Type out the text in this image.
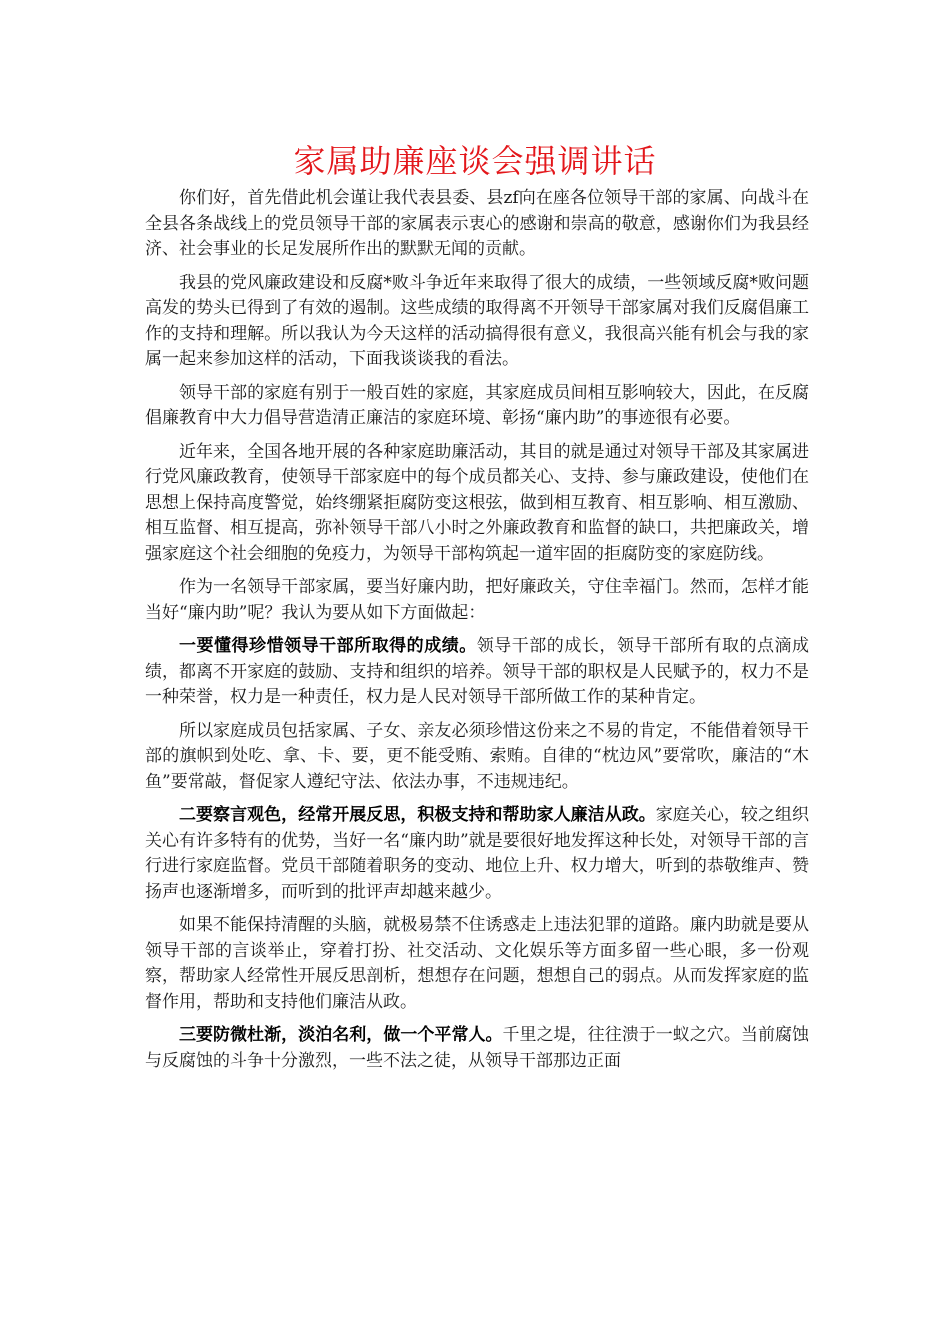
家属助廉座谈会强调讲话

你们好，首先借此机会谨让我代表县委、县zf向在座各位领导干部的家属、向战斗在全县各条战线上的党员领导干部的家属表示衷心的感谢和崇高的敬意，感谢你们为我县经济、社会事业的长足发展所作出的默默无闻的贡献。

我县的党风廉政建设和反腐*败斗争近年来取得了很大的成绩，一些领域反腐*败问题高发的势头已得到了有效的遏制。这些成绩的取得离不开领导干部家属对我们反腐倡廉工作的支持和理解。所以我认为今天这样的活动搞得很有意义，我很高兴能有机会与我的家属一起来参加这样的活动，下面我谈谈我的看法。

领导干部的家庭有别于一般百姓的家庭，其家庭成员间相互影响较大，因此，在反腐倡廉教育中大力倡导营造清正廉洁的家庭环境、彰扬“廉内助”的事迹很有必要。

近年来，全国各地开展的各种家庭助廉活动，其目的就是通过对领导干部及其家属进行党风廉政教育，使领导干部家庭中的每个成员都关心、支持、参与廉政建设，使他们在思想上保持高度警觉，始终绷紧拒腐防变这根弦，做到相互教育、相互影响、相互激励、相互监督、相互提高，弥补领导干部八小时之外廉政教育和监督的缺口，共把廉政关，增强家庭这个社会细胞的免疫力，为领导干部构筑起一道牢固的拒腐防变的家庭防线。

作为一名领导干部家属，要当好廉内助，把好廉政关，守住幸福门。然而，怎样才能当好“廉内助”呢？我认为要从如下方面做起：

一要懂得珍惜领导干部所取得的成绩。领导干部的成长，领导干部所有取的点滴成绩，都离不开家庭的鼓励、支持和组织的培养。领导干部的职权是人民赋予的，权力不是一种荣誉，权力是一种责任，权力是人民对领导干部所做工作的某种肯定。

所以家庭成员包括家属、子女、亲友必须珍惜这份来之不易的肯定，不能借着领导干部的旗帜到处吃、拿、卡、要，更不能受贿、索贿。自律的“枕边风”要常吹，廉洁的“木鱼”要常敲，督促家人遵纪守法、依法办事，不违规违纪。

二要察言观色，经常开展反思，积极支持和帮助家人廉洁从政。家庭关心，较之组织关心有许多特有的优势，当好一名“廉内助”就是要很好地发挥这种长处，对领导干部的言行进行家庭监督。党员干部随着职务的变动、地位上升、权力增大，听到的恭敬维声、赞扬声也逐渐增多，而听到的批评声却越来越少。

如果不能保持清醒的头脑，就极易禁不住诱惑走上违法犯罪的道路。廉内助就是要从领导干部的言谈举止，穿着打扮、社交活动、文化娱乐等方面多留一些心眼，多一份观察，帮助家人经常性开展反思剖析，想想存在问题，想想自己的弱点。从而发挥家庭的监督作用，帮助和支持他们廉洁从政。

三要防微杜渐，淡泊名利，做一个平常人。千里之堤，往往溃于一蚁之穴。当前腐蚀与反腐蚀的斗争十分激烈，一些不法之徒，从领导干部那边正面
